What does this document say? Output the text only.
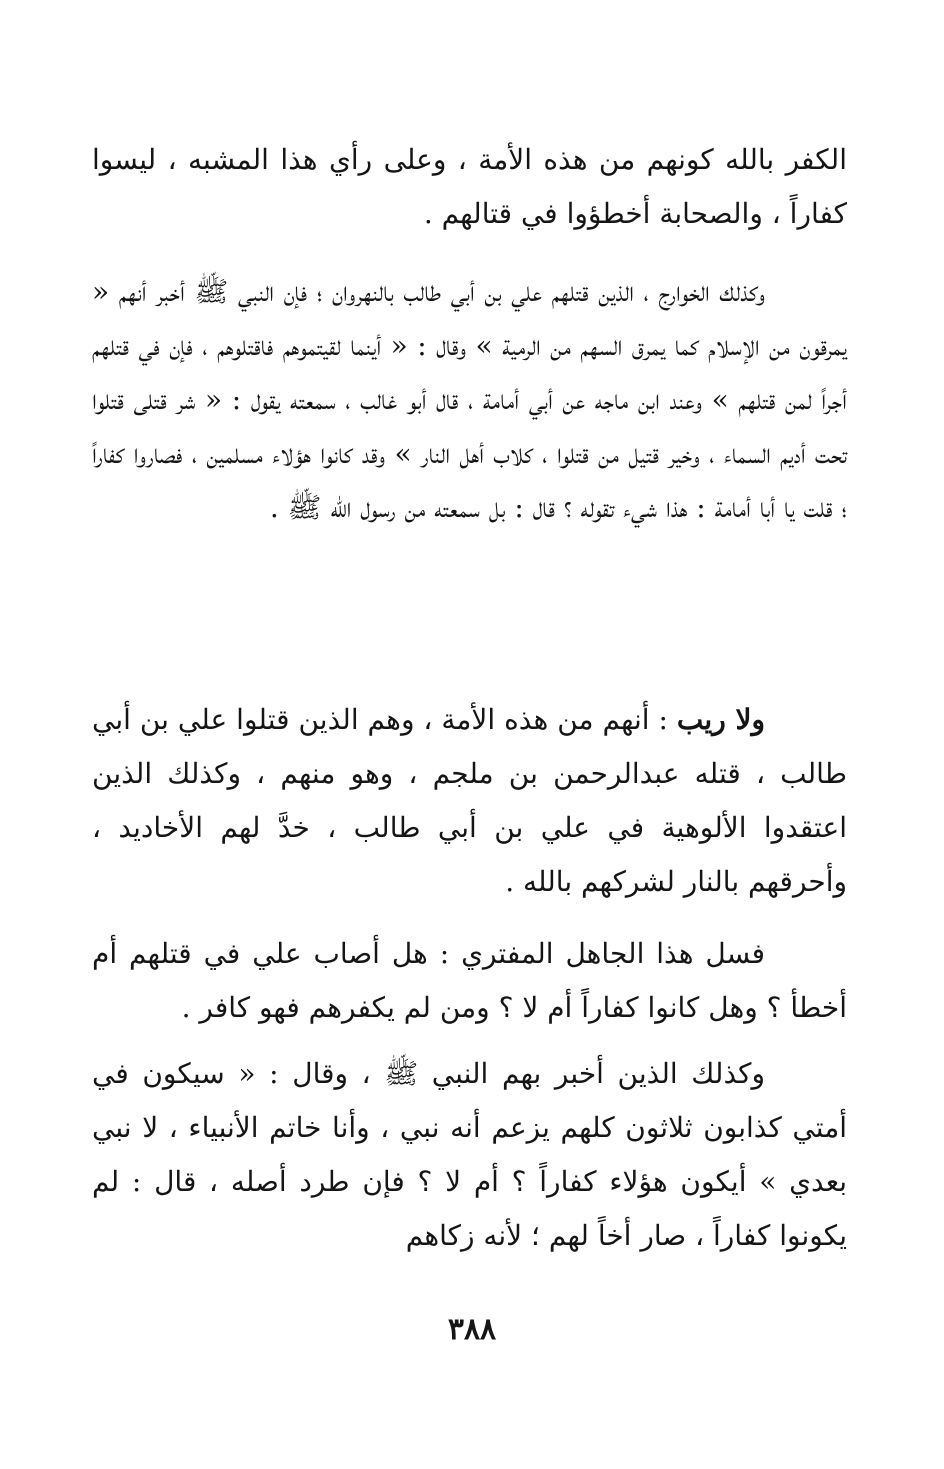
الكفر بالله كونهم من هذه الأمة ، وعلى رأي هذا المشبه ، ليسوا كفاراً ، والصحابة أخطؤوا في قتالهم .

وكذلك الخوارج ، الذين قتلهم علي بن أبي طالب بالنهروان ؛ فإن النبي ﷺ أخبر أنهم « يمرقون من الإسلام كما يمرق السهم من الرمية » وقال : « أينما لقيتموهم فاقتلوهم ، فإن في قتلهم أجراً لمن قتلهم » وعند ابن ماجه عن أبي أمامة ، قال أبو غالب ، سمعته يقول : « شر قتلى قتلوا تحت أديم السماء ، وخير قتيل من قتلوا ، كلاب أهل النار » وقد كانوا هؤلاء مسلمين ، فصاروا كفاراً ؛ قلت يا أبا أمامة : هذا شيء تقوله ؟ قال : بل سمعته من رسول الله ﷺ .

ولا ريب : أنهم من هذه الأمة ، وهم الذين قتلوا علي بن أبي طالب ، قتله عبدالرحمن بن ملجم ، وهو منهم ، وكذلك الذين اعتقدوا الألوهية في علي بن أبي طالب ، خدَّ لهم الأخاديد ، وأحرقهم بالنار لشركهم بالله .

فسل هذا الجاهل المفتري : هل أصاب علي في قتلهم أم أخطأ ؟ وهل كانوا كفاراً أم لا ؟ ومن لم يكفرهم فهو كافر .

وكذلك الذين أخبر بهم النبي ﷺ ، وقال : « سيكون في أمتي كذابون ثلاثون كلهم يزعم أنه نبي ، وأنا خاتم الأنبياء ، لا نبي بعدي » أيكون هؤلاء كفاراً ؟ أم لا ؟ فإن طرد أصله ، قال : لم يكونوا كفاراً ، صار أخاً لهم ؛ لأنه زكاهم

٣٨٨
